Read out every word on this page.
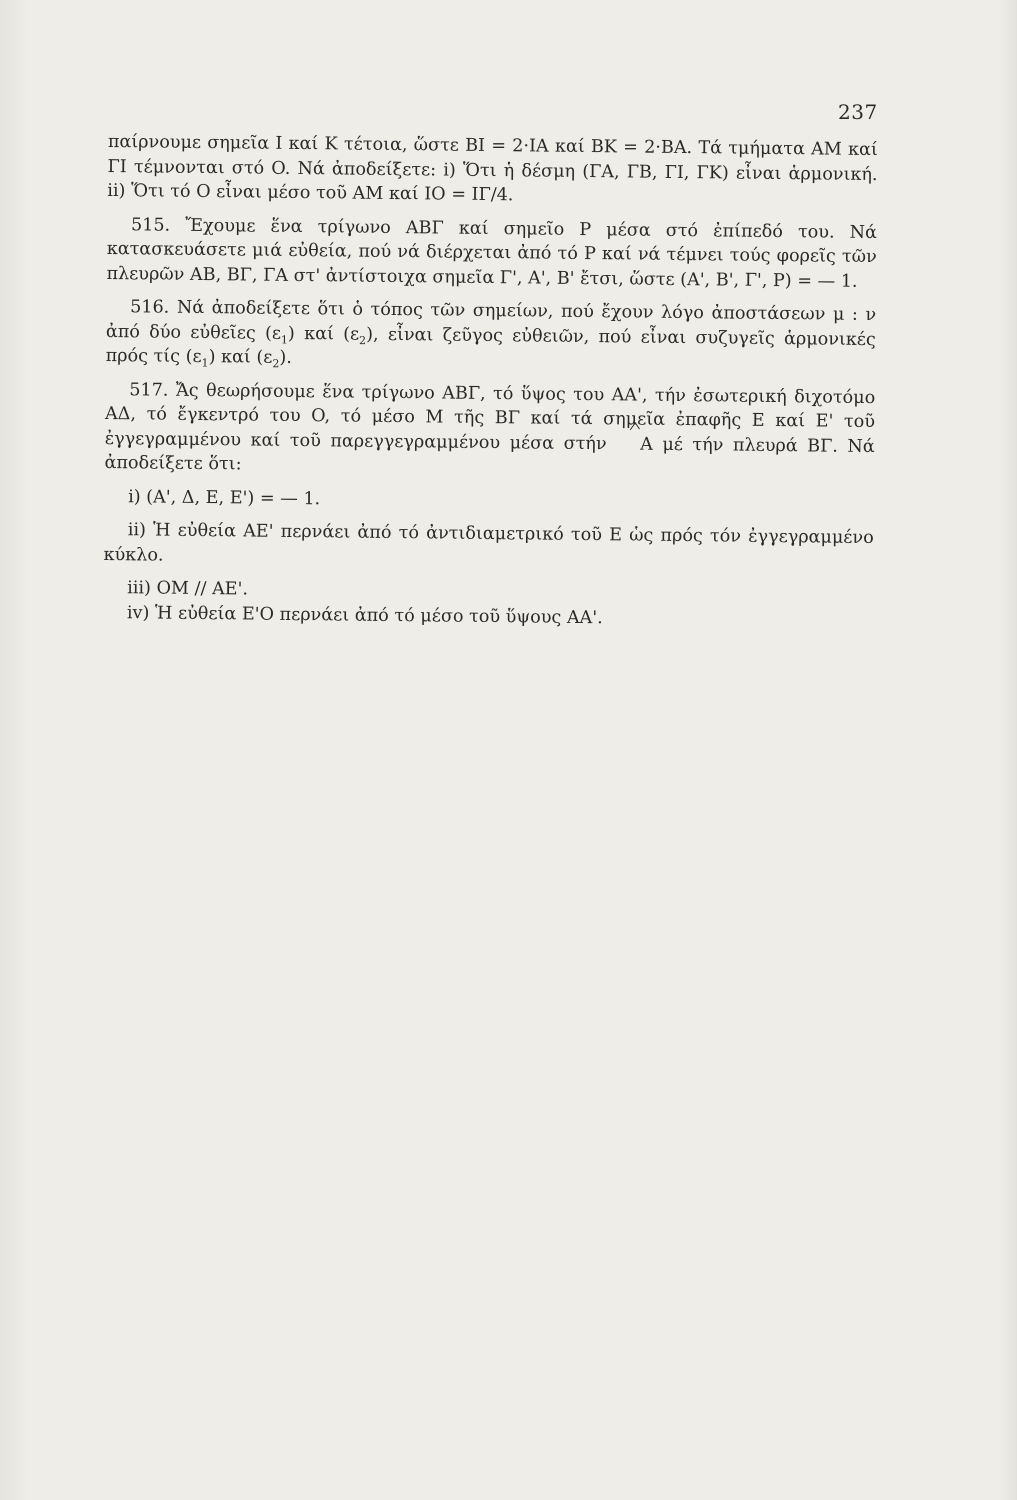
237

παίρνουμε σημεῖα I καί K τέτοια, ὥστε BI = 2·IA καί BK = 2·BA. Τά τμήματα AM καί ΓI τέμνονται στό O. Νά ἀποδείξετε: i) Ὅτι ἡ δέσμη (ΓA, ΓB, ΓI, ΓK) εἶναι ἁρμονική. ii) Ὅτι τό O εἶναι μέσο τοῦ AM καί IO = IΓ/4.

515. Ἔχουμε ἕνα τρίγωνο ABΓ καί σημεῖο P μέσα στό ἐπίπεδό του. Νά κατασκευάσετε μιά εὐθεία, πού νά διέρχεται ἀπό τό P καί νά τέμνει τούς φορεῖς τῶν πλευρῶν AB, BΓ, ΓA στ' ἀντίστοιχα σημεῖα Γ', A', B' ἔτσι, ὥστε (A', B', Γ', P) = — 1.

516. Νά ἀποδείξετε ὅτι ὁ τόπος τῶν σημείων, πού ἔχουν λόγο ἀποστάσεων μ : ν ἀπό δύο εὐθεῖες $(\varepsilon_1)$ καί $(\varepsilon_2)$, εἶναι ζεῦγος εὐθειῶν, πού εἶναι συζυγεῖς ἁρμονικές πρός τίς $(\varepsilon_1)$ καί $(\varepsilon_2)$.

517. Ἄς θεωρήσουμε ἕνα τρίγωνο ABΓ, τό ὕψος του AA', τήν ἐσωτερική διχοτόμο AΔ, τό ἔγκεντρό του O, τό μέσο M τῆς BΓ καί τά σημεῖα ἐπαφῆς E καί E' τοῦ ἐγγεγραμμένου καί τοῦ παρεγγεγραμμένου μέσα στήν A μέ τήν πλευρά BΓ. Νά ἀποδείξετε ὅτι:

i) (A', Δ, E, E') = — 1.

ii) Ἡ εὐθεία AE' περνάει ἀπό τό ἀντιδιαμετρικό τοῦ E ὡς πρός τόν ἐγγεγραμμένο κύκλο.

iii) OM // AE'.

iv) Ἡ εὐθεία E'O περνάει ἀπό τό μέσο τοῦ ὕψους AA'.
